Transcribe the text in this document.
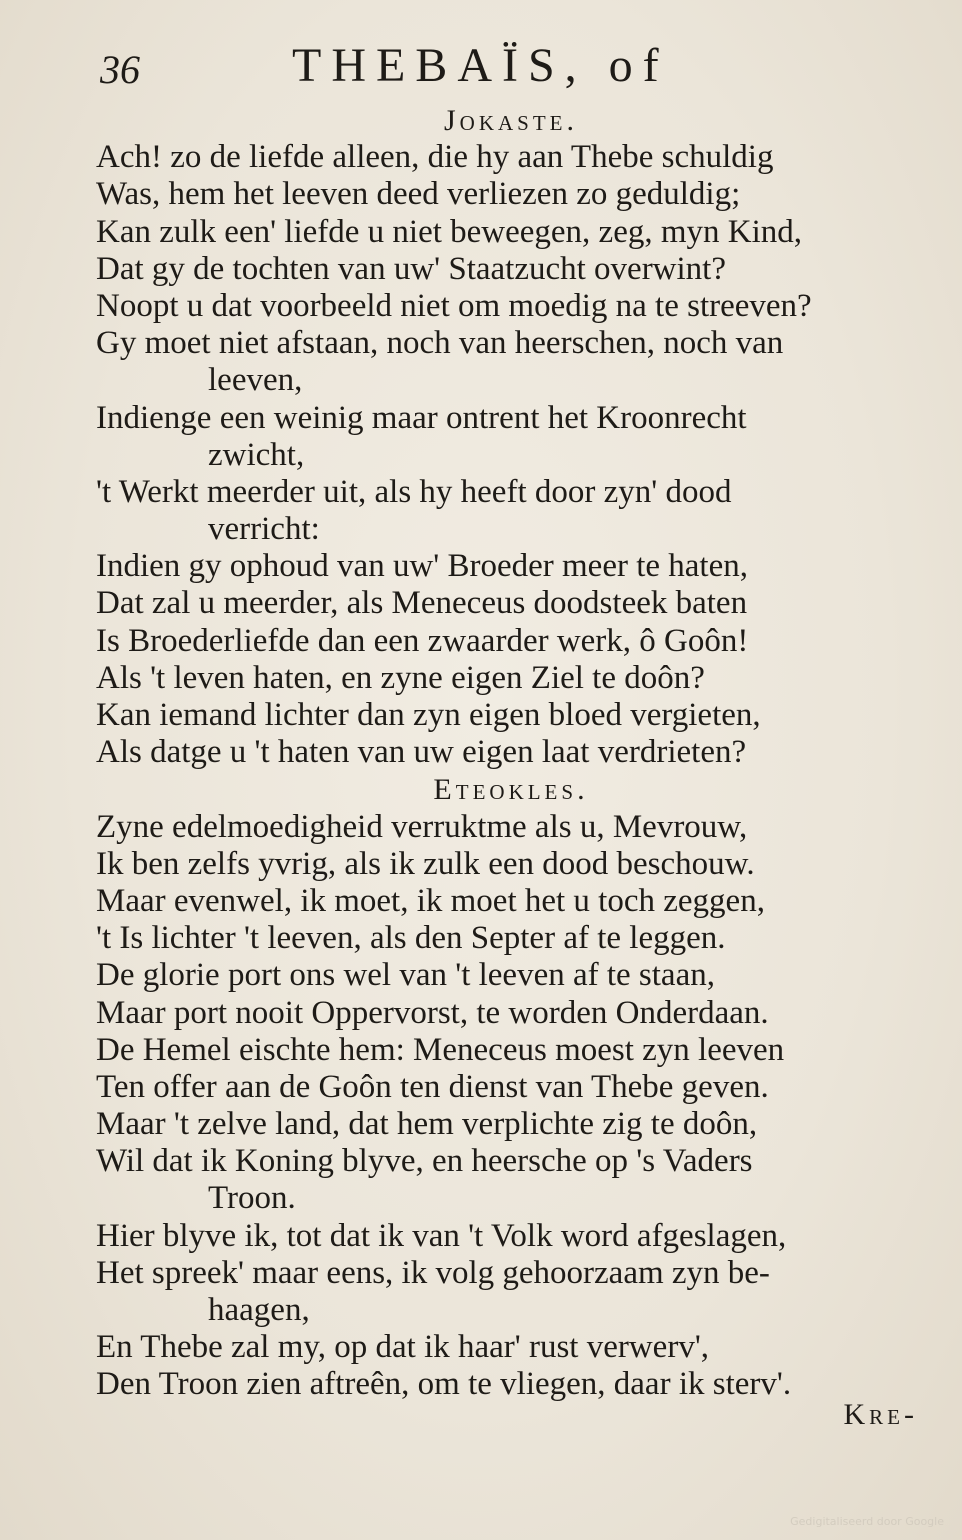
36	THEBAÏS, of
Jokaste.
Ach! zo de liefde alleen, die hy aan Thebe schuldig
Was, hem het leeven deed verliezen zo geduldig;
Kan zulk een' liefde u niet beweegen, zeg, myn Kind,
Dat gy de tochten van uw' Staatzucht overwint?
Noopt u dat voorbeeld niet om moedig na te streeven?
Gy moet niet afstaan, noch van heerschen, noch van
leeven,
Indienge een weinig maar ontrent het Kroonrecht
zwicht,
't Werkt meerder uit, als hy heeft door zyn' dood
verricht:
Indien gy ophoud van uw' Broeder meer te haten,
Dat zal u meerder, als Meneceus doodsteek baten
Is Broederliefde dan een zwaarder werk, ô Goôn!
Als 't leven haten, en zyne eigen Ziel te doôn?
Kan iemand lichter dan zyn eigen bloed vergieten,
Als datge u 't haten van uw eigen laat verdrieten?
Eteokles.
Zyne edelmoedigheid verruktme als u, Mevrouw,
Ik ben zelfs yvrig, als ik zulk een dood beschouw.
Maar evenwel, ik moet, ik moet het u toch zeggen,
't Is lichter 't leeven, als den Septer af te leggen.
De glorie port ons wel van 't leeven af te staan,
Maar port nooit Oppervorst, te worden Onderdaan.
De Hemel eischte hem: Meneceus moest zyn leeven
Ten offer aan de Goôn ten dienst van Thebe geven.
Maar 't zelve land, dat hem verplichte zig te doôn,
Wil dat ik Koning blyve, en heersche op 's Vaders
Troon.
Hier blyve ik, tot dat ik van 't Volk word afgeslagen,
Het spreek' maar eens, ik volg gehoorzaam zyn be-
haagen,
En Thebe zal my, op dat ik haar' rust verwerv',
Den Troon zien aftreên, om te vliegen, daar ik sterv'.
Kre-
Gedigitaliseerd door Google
